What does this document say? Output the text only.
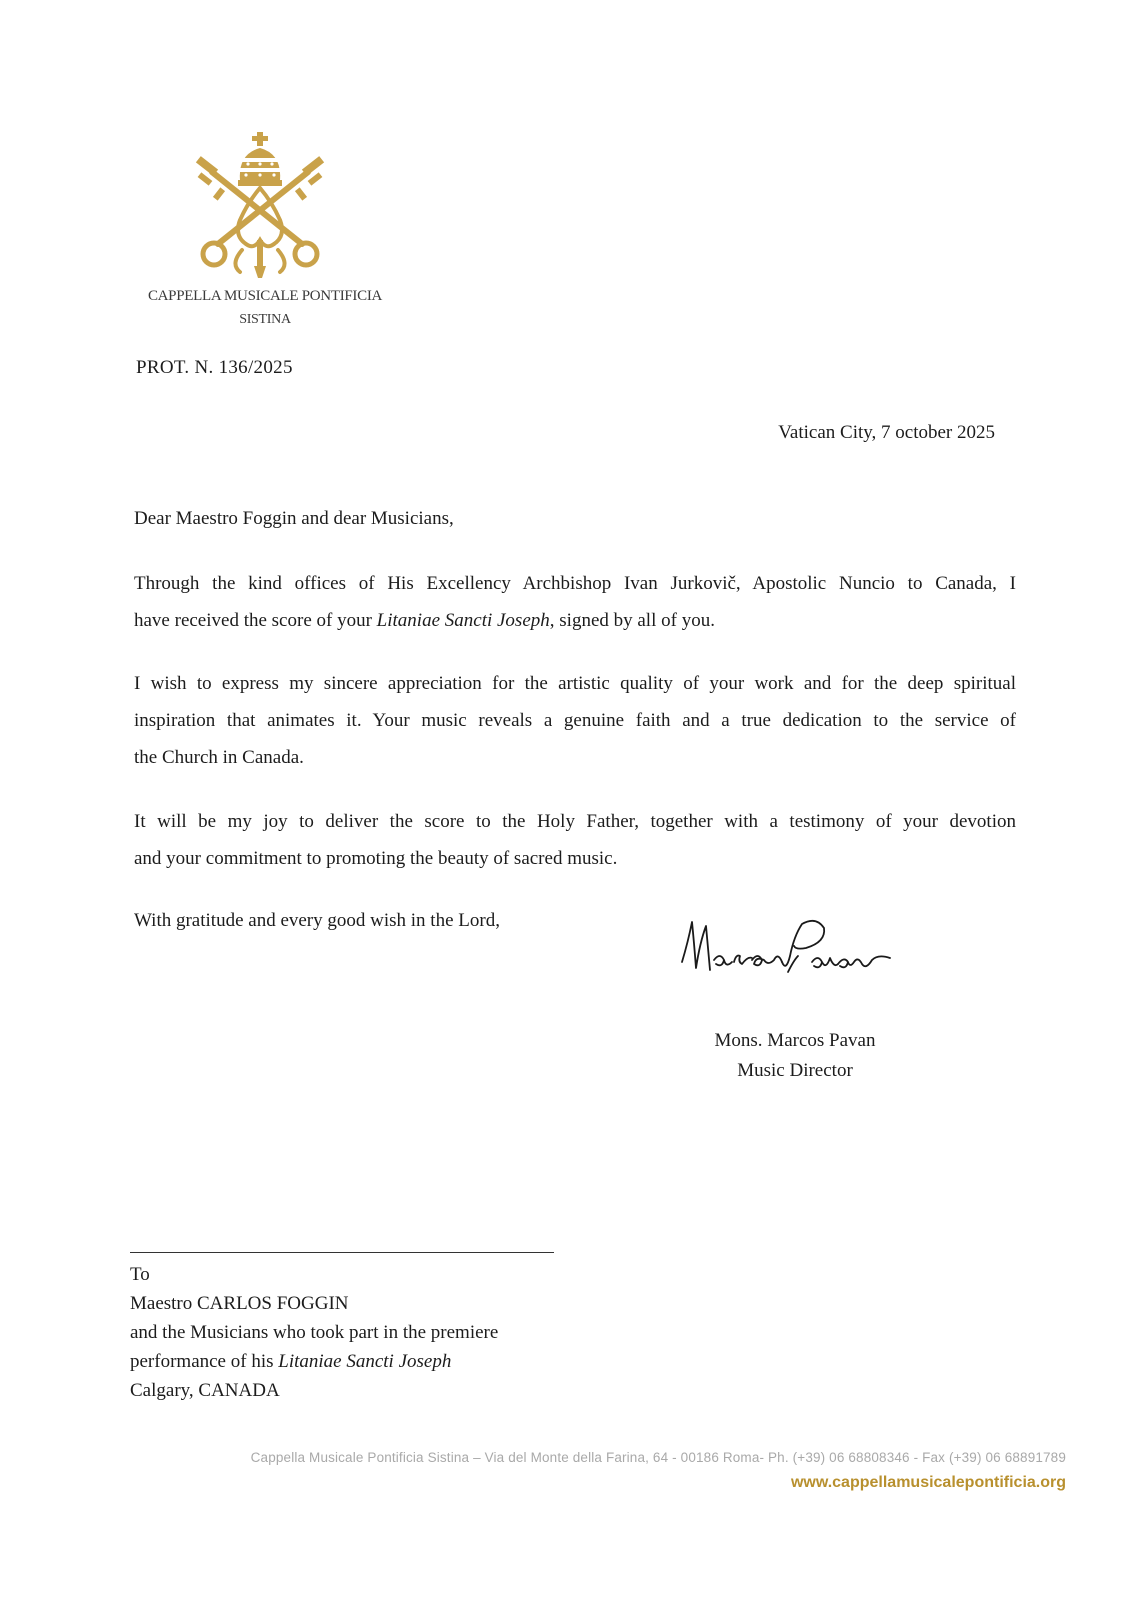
CAPPELLA MUSICALE PONTIFICIA
SISTINA
PROT. N. 136/2025
Vatican City, 7 october 2025
Dear Maestro Foggin and dear Musicians,
Through the kind offices of His Excellency Archbishop Ivan Jurkovič, Apostolic Nuncio to Canada, I
have received the score of your Litaniae Sancti Joseph, signed by all of you.
I wish to express my sincere appreciation for the artistic quality of your work and for the deep spiritual
inspiration that animates it. Your music reveals a genuine faith and a true dedication to the service of
the Church in Canada.
It will be my joy to deliver the score to the Holy Father, together with a testimony of your devotion
and your commitment to promoting the beauty of sacred music.
With gratitude and every good wish in the Lord,
Mons. Marcos Pavan
Music Director
To
Maestro CARLOS FOGGIN
and the Musicians who took part in the premiere
performance of his Litaniae Sancti Joseph
Calgary, CANADA
Cappella Musicale Pontificia Sistina – Via del Monte della Farina, 64 - 00186 Roma- Ph. (+39) 06 68808346 - Fax (+39) 06 68891789
www.cappellamusicalepontificia.org
